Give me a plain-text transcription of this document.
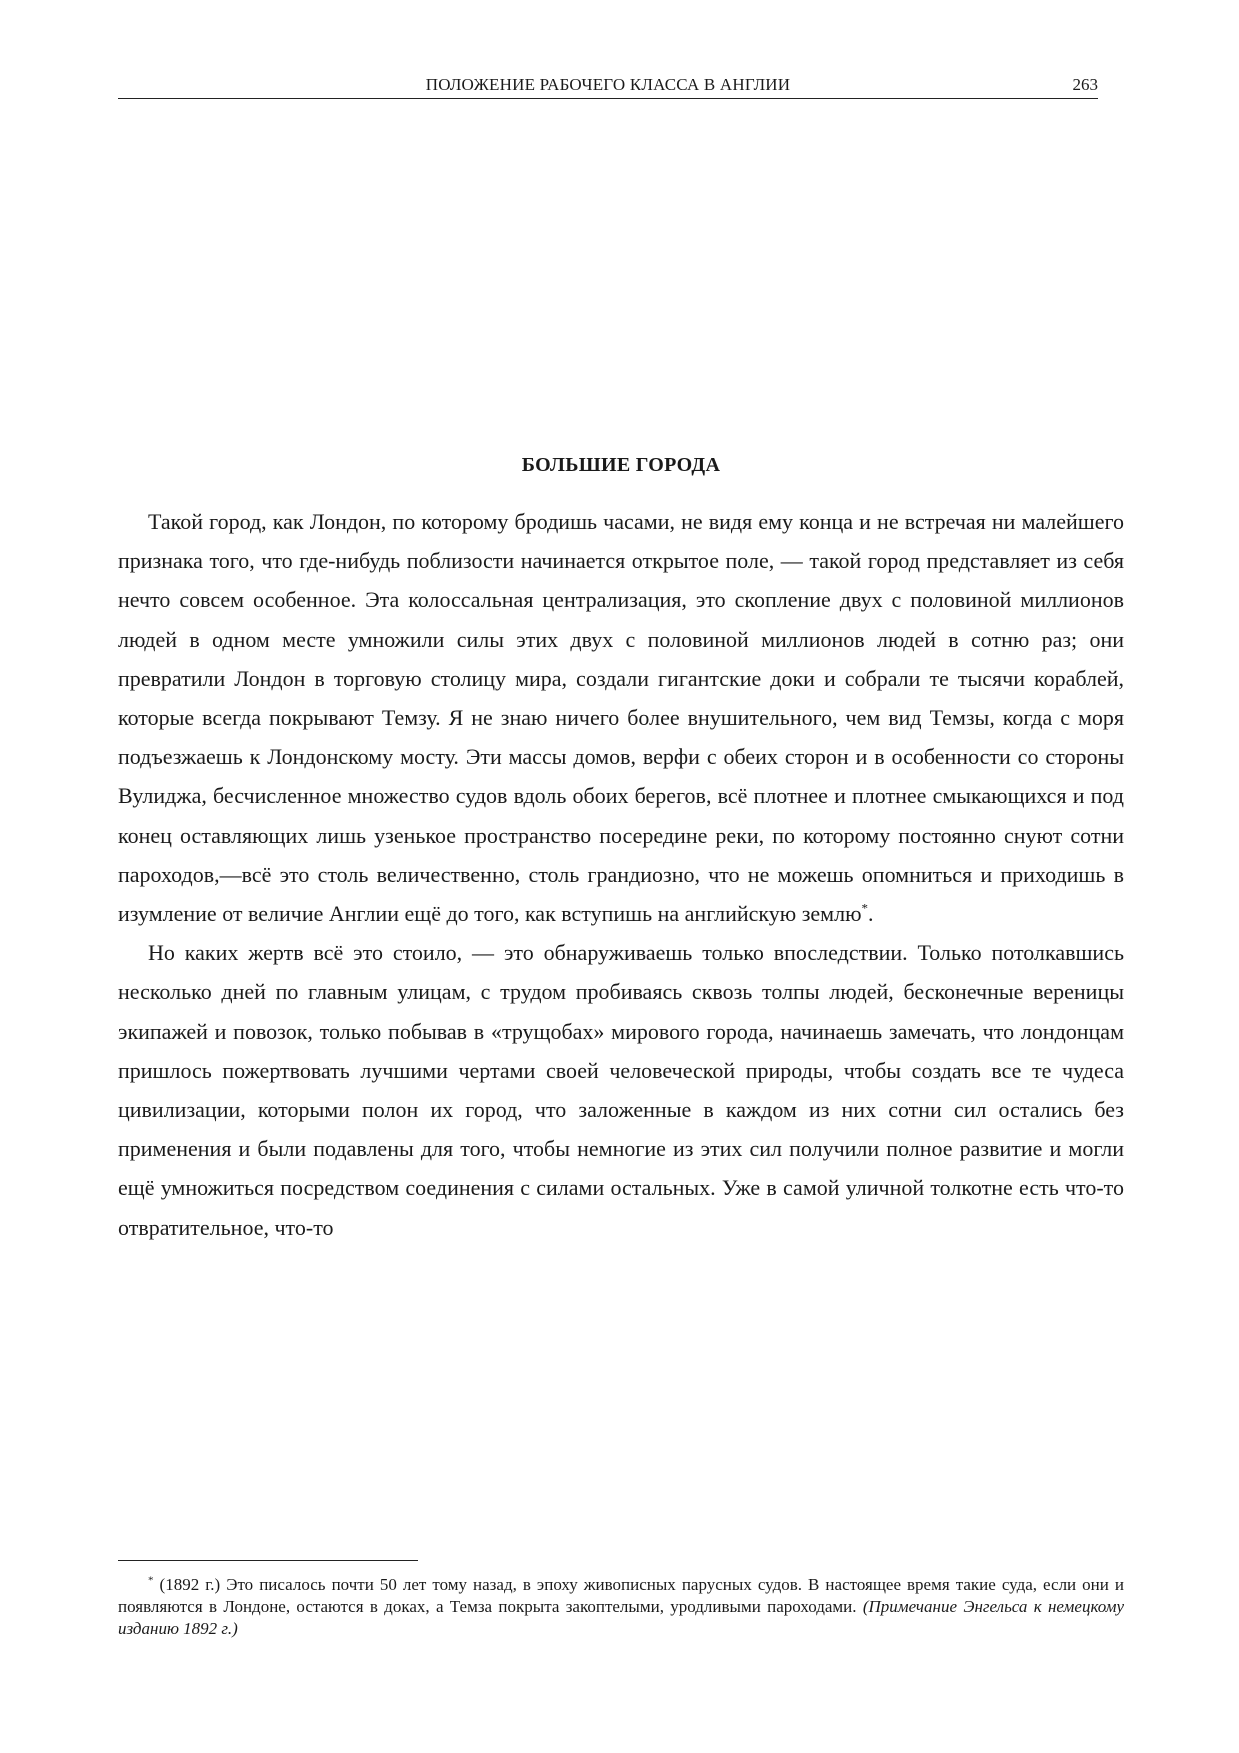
ПОЛОЖЕНИЕ РАБОЧЕГО КЛАССА В АНГЛИИ	263
БОЛЬШИЕ ГОРОДА

Такой город, как Лондон, по которому бродишь часами, не видя ему конца и не встречая ни малейшего признака того, что где-нибудь поблизости начинается открытое поле, — такой город представляет из себя нечто совсем особенное. Эта колоссальная централизация, это скопление двух с половиной миллионов людей в одном месте умножили силы этих двух с половиной миллионов людей в сотню раз; они превратили Лондон в торговую столицу мира, создали гигантские доки и собрали те тысячи кораблей, которые всегда покрывают Темзу. Я не знаю ничего более внушительного, чем вид Темзы, когда с моря подъезжаешь к Лондонскому мосту. Эти массы домов, верфи с обеих сторон и в особенности со стороны Вулиджа, бесчисленное множество судов вдоль обоих берегов, всё плотнее и плотнее смыкающихся и под конец оставляющих лишь узенькое пространство посередине реки, по которому постоянно снуют сотни пароходов,—всё это столь величественно, столь грандиозно, что не можешь опомниться и приходишь в изумление от величие Англии ещё до того, как вступишь на английскую землю*.

Но каких жертв всё это стоило, — это обнаруживаешь только впоследствии. Только потолкавшись несколько дней по главным улицам, с трудом пробиваясь сквозь толпы людей, бесконечные вереницы экипажей и повозок, только побывав в «трущобах» мирового города, начинаешь замечать, что лондонцам пришлось пожертвовать лучшими чертами своей человеческой природы, чтобы создать все те чудеса цивилизации, которыми полон их город, что заложенные в каждом из них сотни сил остались без применения и были подавлены для того, чтобы немногие из этих сил получили полное развитие и могли ещё умножиться посредством соединения с силами остальных. Уже в самой уличной толкотне есть что-то отвратительное, что-то

* (1892 г.) Это писалось почти 50 лет тому назад, в эпоху живописных парусных судов. В настоящее время такие суда, если они и появляются в Лондоне, остаются в доках, а Темза покрыта закоптелыми, уродливыми пароходами. (Примечание Энгельса к немецкому изданию 1892 г.)
